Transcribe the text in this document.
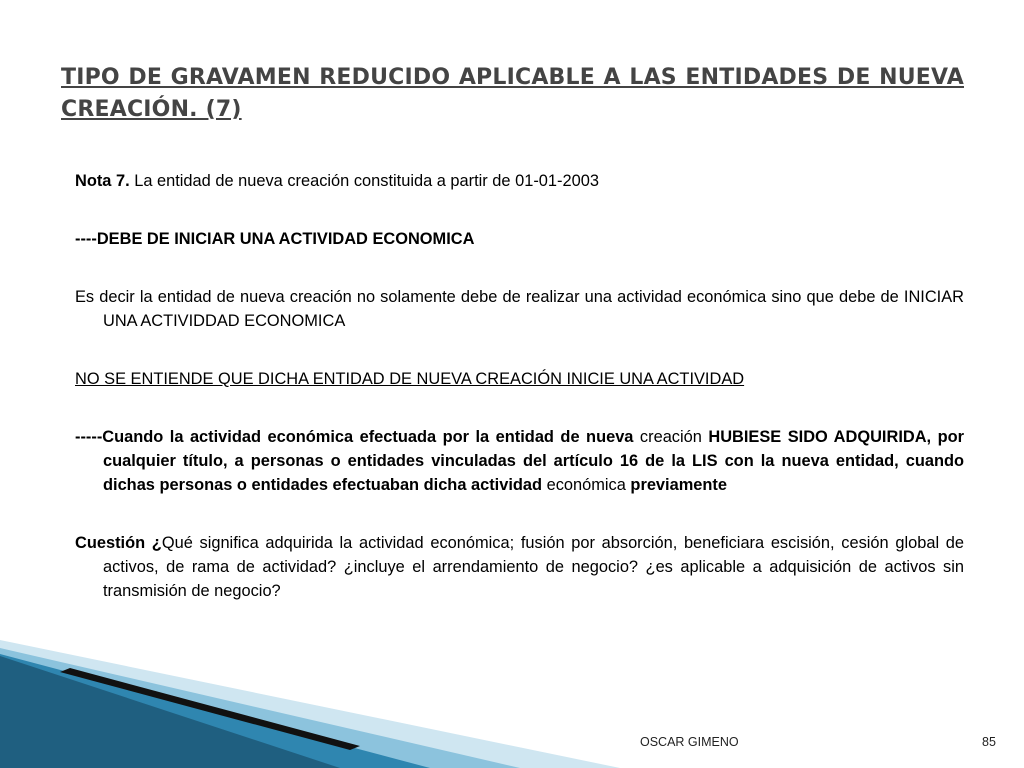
TIPO DE GRAVAMEN REDUCIDO APLICABLE A LAS ENTIDADES DE NUEVA CREACIÓN. (7)

Nota 7. La entidad de nueva creación constituida a partir de 01-01-2003

----DEBE DE INICIAR UNA ACTIVIDAD ECONOMICA

Es decir la entidad de nueva creación no solamente debe de realizar una actividad económica sino que debe de INICIAR UNA ACTIVIDDAD ECONOMICA

NO SE ENTIENDE QUE DICHA ENTIDAD DE NUEVA CREACIÓN INICIE UNA ACTIVIDAD

-----Cuando la actividad económica efectuada por la entidad de nueva creación HUBIESE SIDO ADQUIRIDA, por cualquier título, a personas o entidades vinculadas del artículo 16 de la LIS con la nueva entidad, cuando dichas personas o entidades efectuaban dicha actividad económica previamente

Cuestión ¿Qué significa adquirida la actividad económica; fusión por absorción, beneficiara escisión, cesión global de activos, de rama de actividad? ¿incluye el arrendamiento de negocio? ¿es aplicable a adquisición de activos sin transmisión de negocio?

OSCAR GIMENO	85
